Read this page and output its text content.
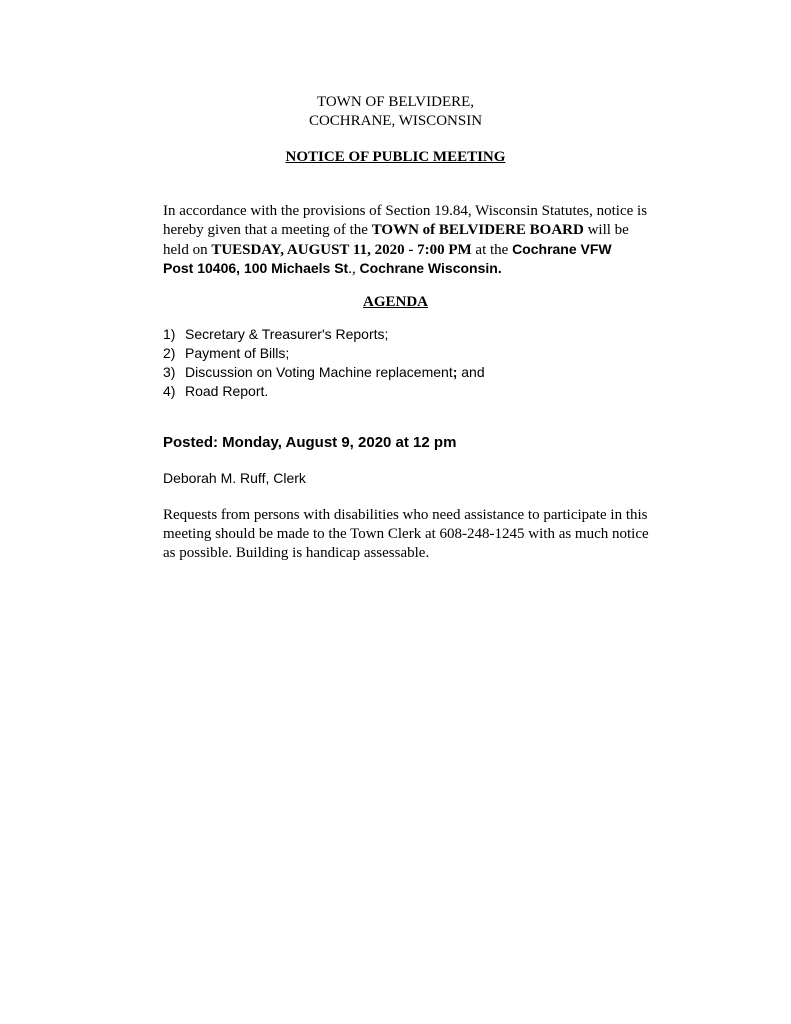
TOWN OF BELVIDERE,
COCHRANE, WISCONSIN
NOTICE OF PUBLIC MEETING
In accordance with the provisions of Section 19.84, Wisconsin Statutes, notice is
hereby given that a meeting of the TOWN of BELVIDERE BOARD will be
held on TUESDAY, AUGUST 11, 2020 - 7:00 PM at the Cochrane VFW
Post 10406, 100 Michaels St., Cochrane Wisconsin.
AGENDA
1) Secretary & Treasurer's Reports;
2) Payment of Bills;
3) Discussion on Voting Machine replacement; and
4) Road Report.
Posted: Monday, August 9, 2020 at 12 pm
Deborah M. Ruff, Clerk
Requests from persons with disabilities who need assistance to participate in this
meeting should be made to the Town Clerk at 608-248-1245 with as much notice
as possible. Building is handicap assessable.
